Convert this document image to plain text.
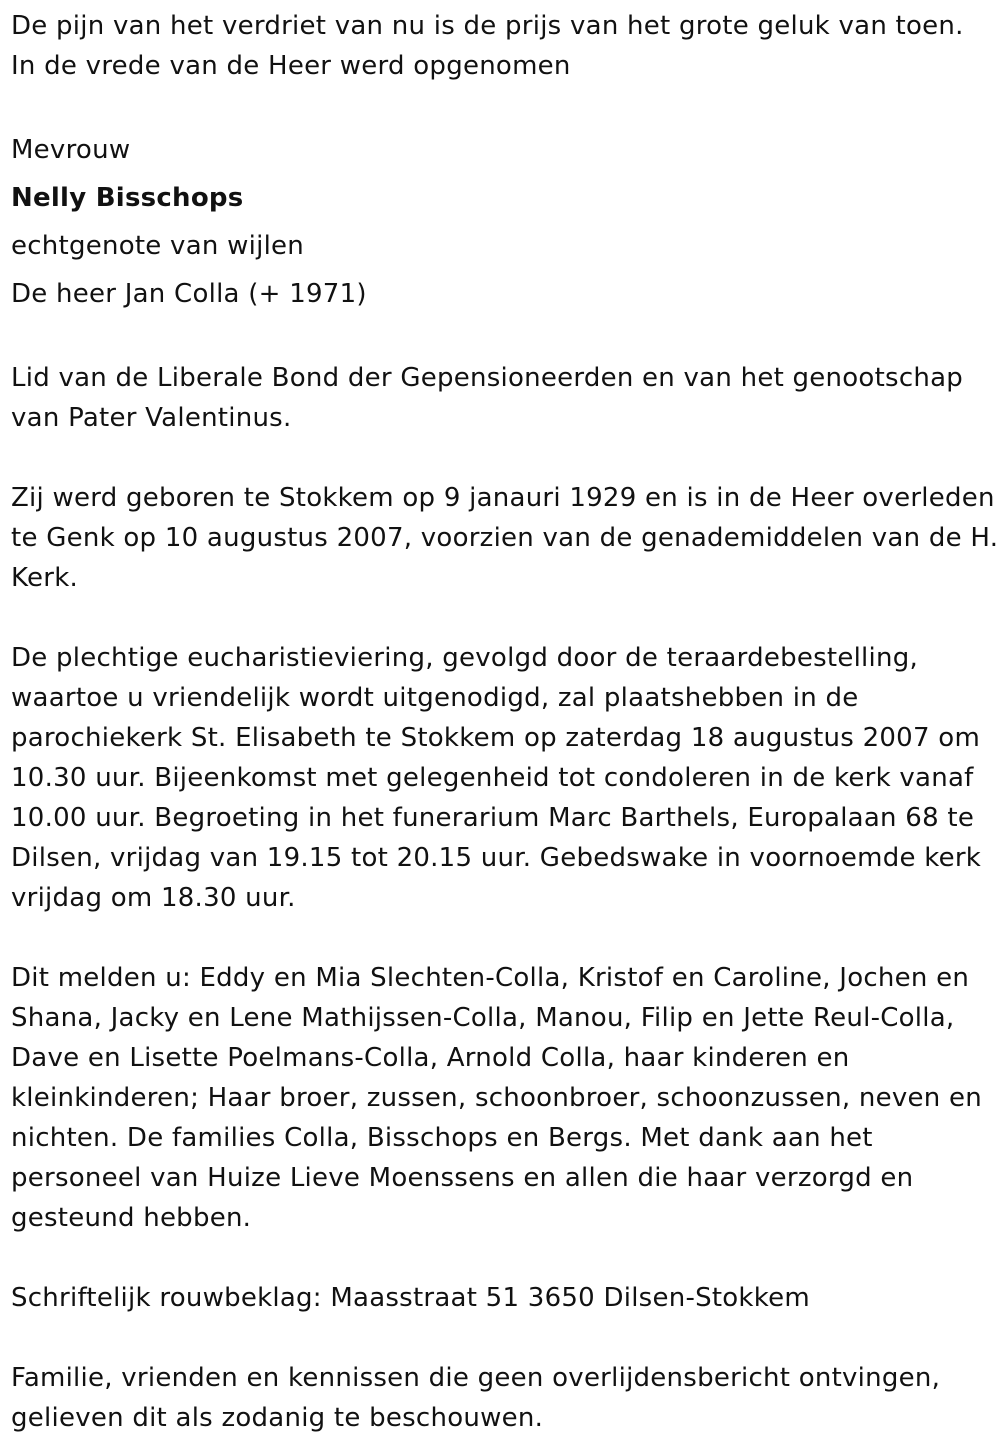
De pijn van het verdriet van nu is de prijs van het grote geluk van toen.
In de vrede van de Heer werd opgenomen
Mevrouw
Nelly Bisschops
echtgenote van wijlen
De heer Jan Colla (+ 1971)
Lid van de Liberale Bond der Gepensioneerden en van het genootschap
van Pater Valentinus.
Zij werd geboren te Stokkem op 9 janauri 1929 en is in de Heer overleden
te Genk op 10 augustus 2007, voorzien van de genademiddelen van de H.
Kerk.
De plechtige eucharistieviering, gevolgd door de teraardebestelling,
waartoe u vriendelijk wordt uitgenodigd, zal plaatshebben in de
parochiekerk St. Elisabeth te Stokkem op zaterdag 18 augustus 2007 om
10.30 uur. Bijeenkomst met gelegenheid tot condoleren in de kerk vanaf
10.00 uur. Begroeting in het funerarium Marc Barthels, Europalaan 68 te
Dilsen, vrijdag van 19.15 tot 20.15 uur. Gebedswake in voornoemde kerk
vrijdag om 18.30 uur.
Dit melden u: Eddy en Mia Slechten-Colla, Kristof en Caroline, Jochen en
Shana, Jacky en Lene Mathijssen-Colla, Manou, Filip en Jette Reul-Colla,
Dave en Lisette Poelmans-Colla, Arnold Colla, haar kinderen en
kleinkinderen; Haar broer, zussen, schoonbroer, schoonzussen, neven en
nichten. De families Colla, Bisschops en Bergs. Met dank aan het
personeel van Huize Lieve Moenssens en allen die haar verzorgd en
gesteund hebben.
Schriftelijk rouwbeklag: Maasstraat 51 3650 Dilsen-Stokkem
Familie, vrienden en kennissen die geen overlijdensbericht ontvingen,
gelieven dit als zodanig te beschouwen.
